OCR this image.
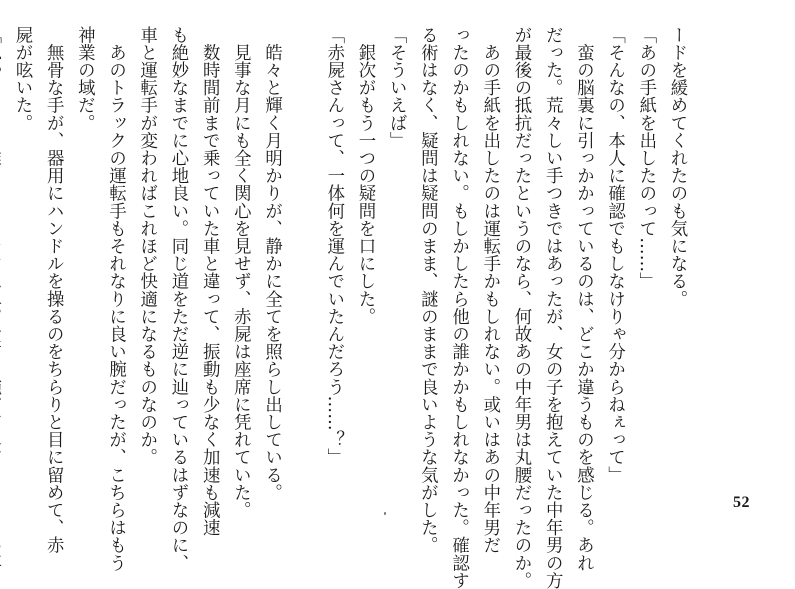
ードを緩めてくれたのも気になる。
「あの手紙を出したのって……」
「そんなの、本人に確認でもしなけりゃ分からねぇって」
　蛮の脳裏に引っかかっているのは、どこか違うものを感じる。あれ
だった。荒々しい手つきではあったが、女の子を抱えていた中年男の方
が最後の抵抗だったというのなら、何故あの中年男は丸腰だったのか。
　あの手紙を出したのは運転手かもしれない。或いはあの中年男だ
ったのかもしれない。もしかしたら他の誰かかもしれなかった。確認す
る術はなく、疑問は疑問のまま、謎のままで良いような気がした。
「そういえば」
　銀次がもう一つの疑問を口にした。
「赤屍さんって、一体何を運んでいたんだろう……？」
　皓々と輝く月明かりが、静かに全てを照らし出している。
　見事な月にも全く関心を見せず、赤屍は座席に凭れていた。
　数時間前まで乗っていた車と違って、振動も少なく加速も減速
も絶妙なまでに心地良い。同じ道をただ逆に辿っているはずなのに、
車と運転手が変わればこれほど快適になるものなのか。
　あのトラックの運転手もそれなりに良い腕だったが、こちらはもう
神業の域だ。
　無骨な手が、器用にハンドルを操るのをちらりと目に留めて、赤
屍が呟いた。
52
